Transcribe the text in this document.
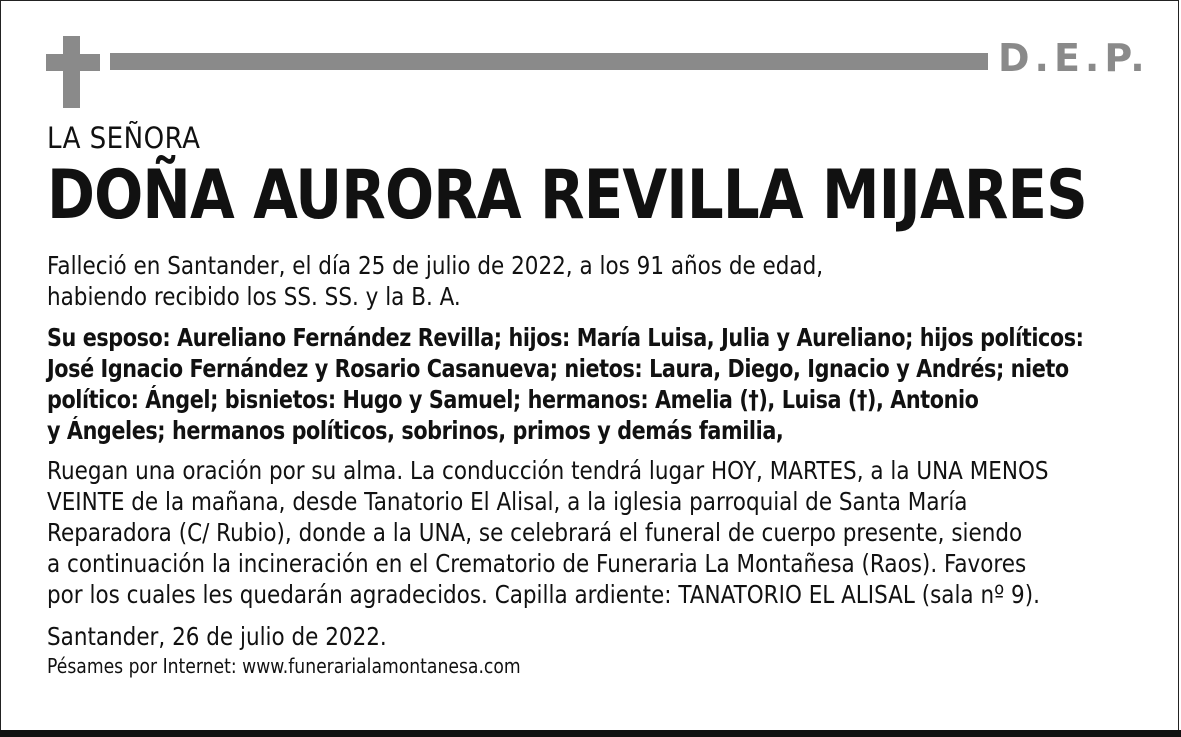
D.E.P.
LA SEÑORA
DOÑA AURORA REVILLA MIJARES
Falleció en Santander, el día 25 de julio de 2022, a los 91 años de edad,
habiendo recibido los SS. SS. y la B. A.
Su esposo: Aureliano Fernández Revilla; hijos: María Luisa, Julia y Aureliano; hijos políticos:
José Ignacio Fernández y Rosario Casanueva; nietos: Laura, Diego, Ignacio y Andrés; nieto
político: Ángel; bisnietos: Hugo y Samuel; hermanos: Amelia (†), Luisa (†), Antonio
y Ángeles; hermanos políticos, sobrinos, primos y demás familia,
Ruegan una oración por su alma. La conducción tendrá lugar HOY, MARTES, a la UNA MENOS
VEINTE de la mañana, desde Tanatorio El Alisal, a la iglesia parroquial de Santa María
Reparadora (C/ Rubio), donde a la UNA, se celebrará el funeral de cuerpo presente, siendo
a continuación la incineración en el Crematorio de Funeraria La Montañesa (Raos). Favores
por los cuales les quedarán agradecidos. Capilla ardiente: TANATORIO EL ALISAL (sala nº 9).
Santander, 26 de julio de 2022.
Pésames por Internet: www.funerarialamontanesa.com
